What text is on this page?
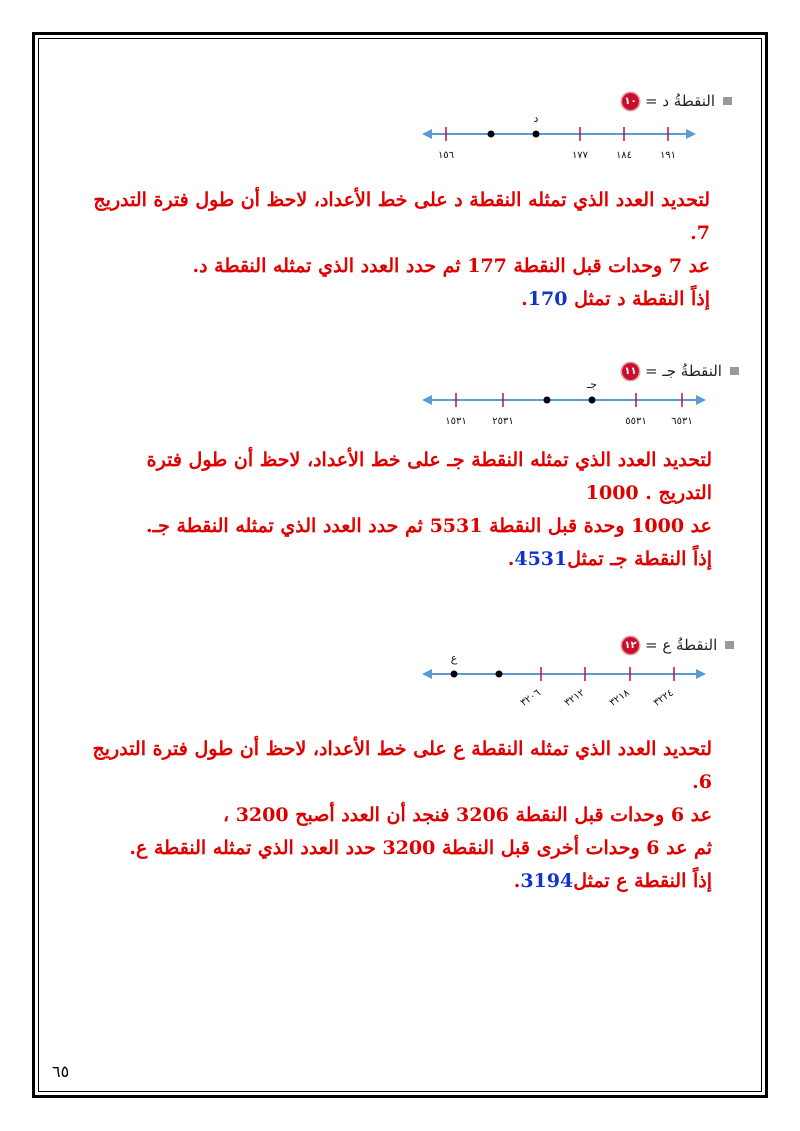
١٠ النقطةُ د =
د
١٥٦	١٧٧	١٨٤	١٩١

لتحديد العدد الذي تمثله النقطة د على خط الأعداد، لاحظ أن طول فترة التدريج 7.

عد 7 وحدات قبل النقطة 177 ثم حدد العدد الذي تمثله النقطة د.

إذاً النقطة د تمثل 170.

١١ النقطةُ جـ =
جـ
١٥٣١	٢٥٣١	٥٥٣١ ٦٥٣١

لتحديد العدد الذي تمثله النقطة جـ على خط الأعداد، لاحظ أن طول فترة التدريج . 1000

عد 1000 وحدة قبل النقطة 5531 ثم حدد العدد الذي تمثله النقطة جـ.

إذاً النقطة جـ تمثل4531.

١٢ النقطةُ ع =
ع
٣٢٠٦ ٣٢١٢ ٣٢١٨ ٣٢٢٤

لتحديد العدد الذي تمثله النقطة ع على خط الأعداد، لاحظ أن طول فترة التدريج 6.

عد 6 وحدات قبل النقطة 3206 فنجد أن العدد أصبح 3200 ،

ثم عد 6 وحدات أخرى قبل النقطة 3200 حدد العدد الذي تمثله النقطة ع.

إذاً النقطة ع تمثل3194.

٦٥
